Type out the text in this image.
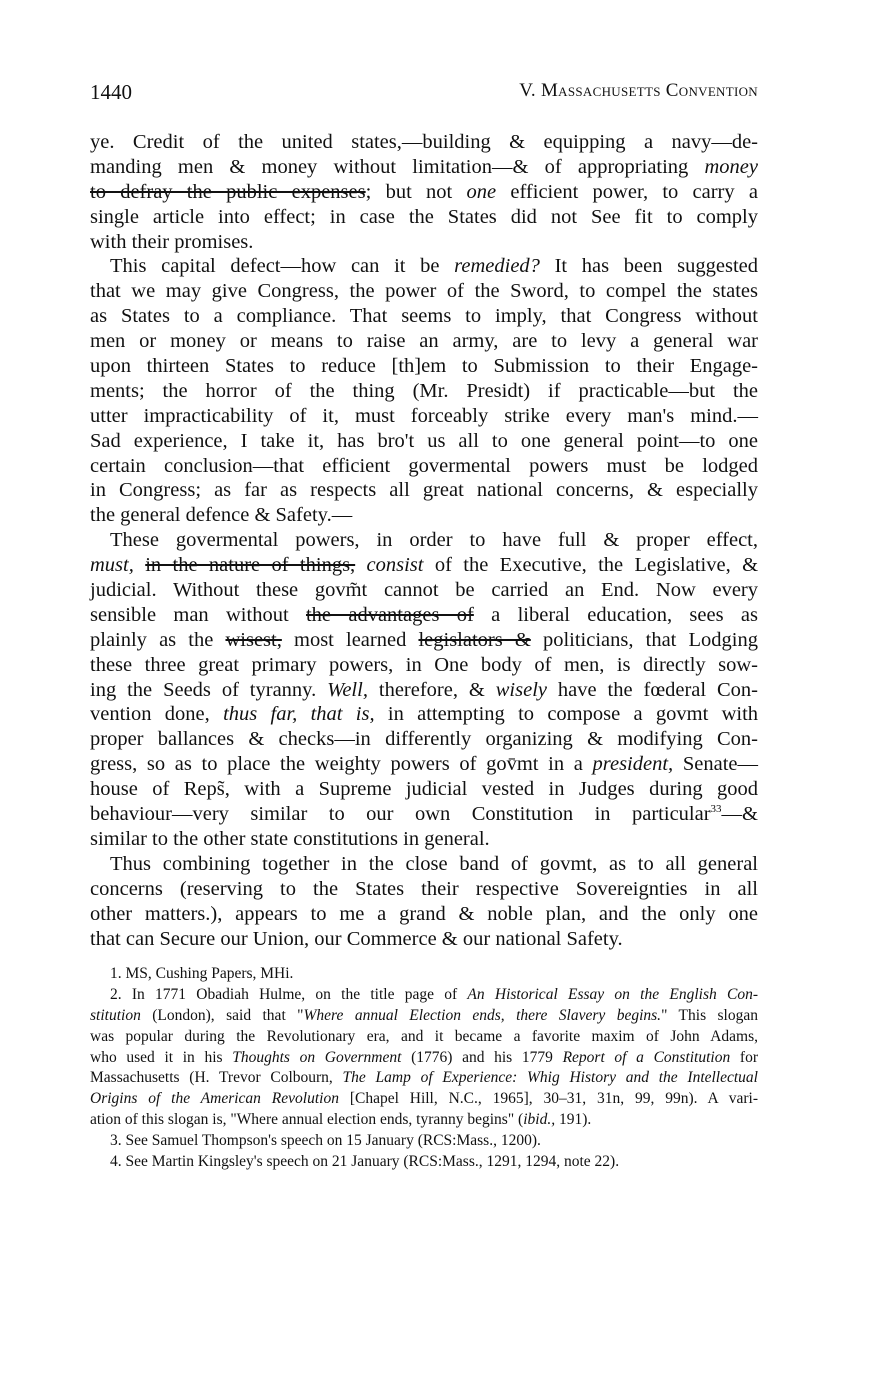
1440	V. Massachusetts Convention
ye. Credit of the united states,—building & equipping a navy—de-
manding men & money without limitation—& of appropriating money
to defray the public expenses; but not one efficient power, to carry a
single article into effect; in case the States did not See fit to comply
with their promises.
This capital defect—how can it be remedied? It has been suggested
that we may give Congress, the power of the Sword, to compel the states
as States to a compliance. That seems to imply, that Congress without
men or money or means to raise an army, are to levy a general war
upon thirteen States to reduce [th]em to Submission to their Engage-
ments; the horror of the thing (Mr. Presidt) if practicable—but the
utter impracticability of it, must forceably strike every man's mind.—
Sad experience, I take it, has bro't us all to one general point—to one
certain conclusion—that efficient govermental powers must be lodged
in Congress; as far as respects all great national concerns, & especially
the general defence & Safety.—
These govermental powers, in order to have full & proper effect,
must, in the nature of things, consist of the Executive, the Legislative, &
judicial. Without these govm̃t cannot be carried an End. Now every
sensible man without the advantages of a liberal education, sees as
plainly as the wisest, most learned legislators & politicians, that Lodging
these three great primary powers, in One body of men, is directly sow-
ing the Seeds of tyranny. Well, therefore, & wisely have the fœderal Con-
vention done, thus far, that is, in attempting to compose a govmt with
proper ballances & checks—in differently organizing & modifying Con-
gress, so as to place the weighty powers of gov̄mt in a president, Senate—
house of Reps̃, with a Supreme judicial vested in Judges during good
behaviour—very similar to our own Constitution in particular$^{33}$—&
similar to the other state constitutions in general.
Thus combining together in the close band of govmt, as to all general
concerns (reserving to the States their respective Sovereignties in all
other matters.), appears to me a grand & noble plan, and the only one
that can Secure our Union, our Commerce & our national Safety.
1. MS, Cushing Papers, MHi.
2. In 1771 Obadiah Hulme, on the title page of An Historical Essay on the English Con-
stitution (London), said that "Where annual Election ends, there Slavery begins." This slogan
was popular during the Revolutionary era, and it became a favorite maxim of John Adams,
who used it in his Thoughts on Government (1776) and his 1779 Report of a Constitution for
Massachusetts (H. Trevor Colbourn, The Lamp of Experience: Whig History and the Intellectual
Origins of the American Revolution [Chapel Hill, N.C., 1965], 30–31, 31n, 99, 99n). A vari-
ation of this slogan is, "Where annual election ends, tyranny begins" (ibid., 191).
3. See Samuel Thompson's speech on 15 January (RCS:Mass., 1200).
4. See Martin Kingsley's speech on 21 January (RCS:Mass., 1291, 1294, note 22).
